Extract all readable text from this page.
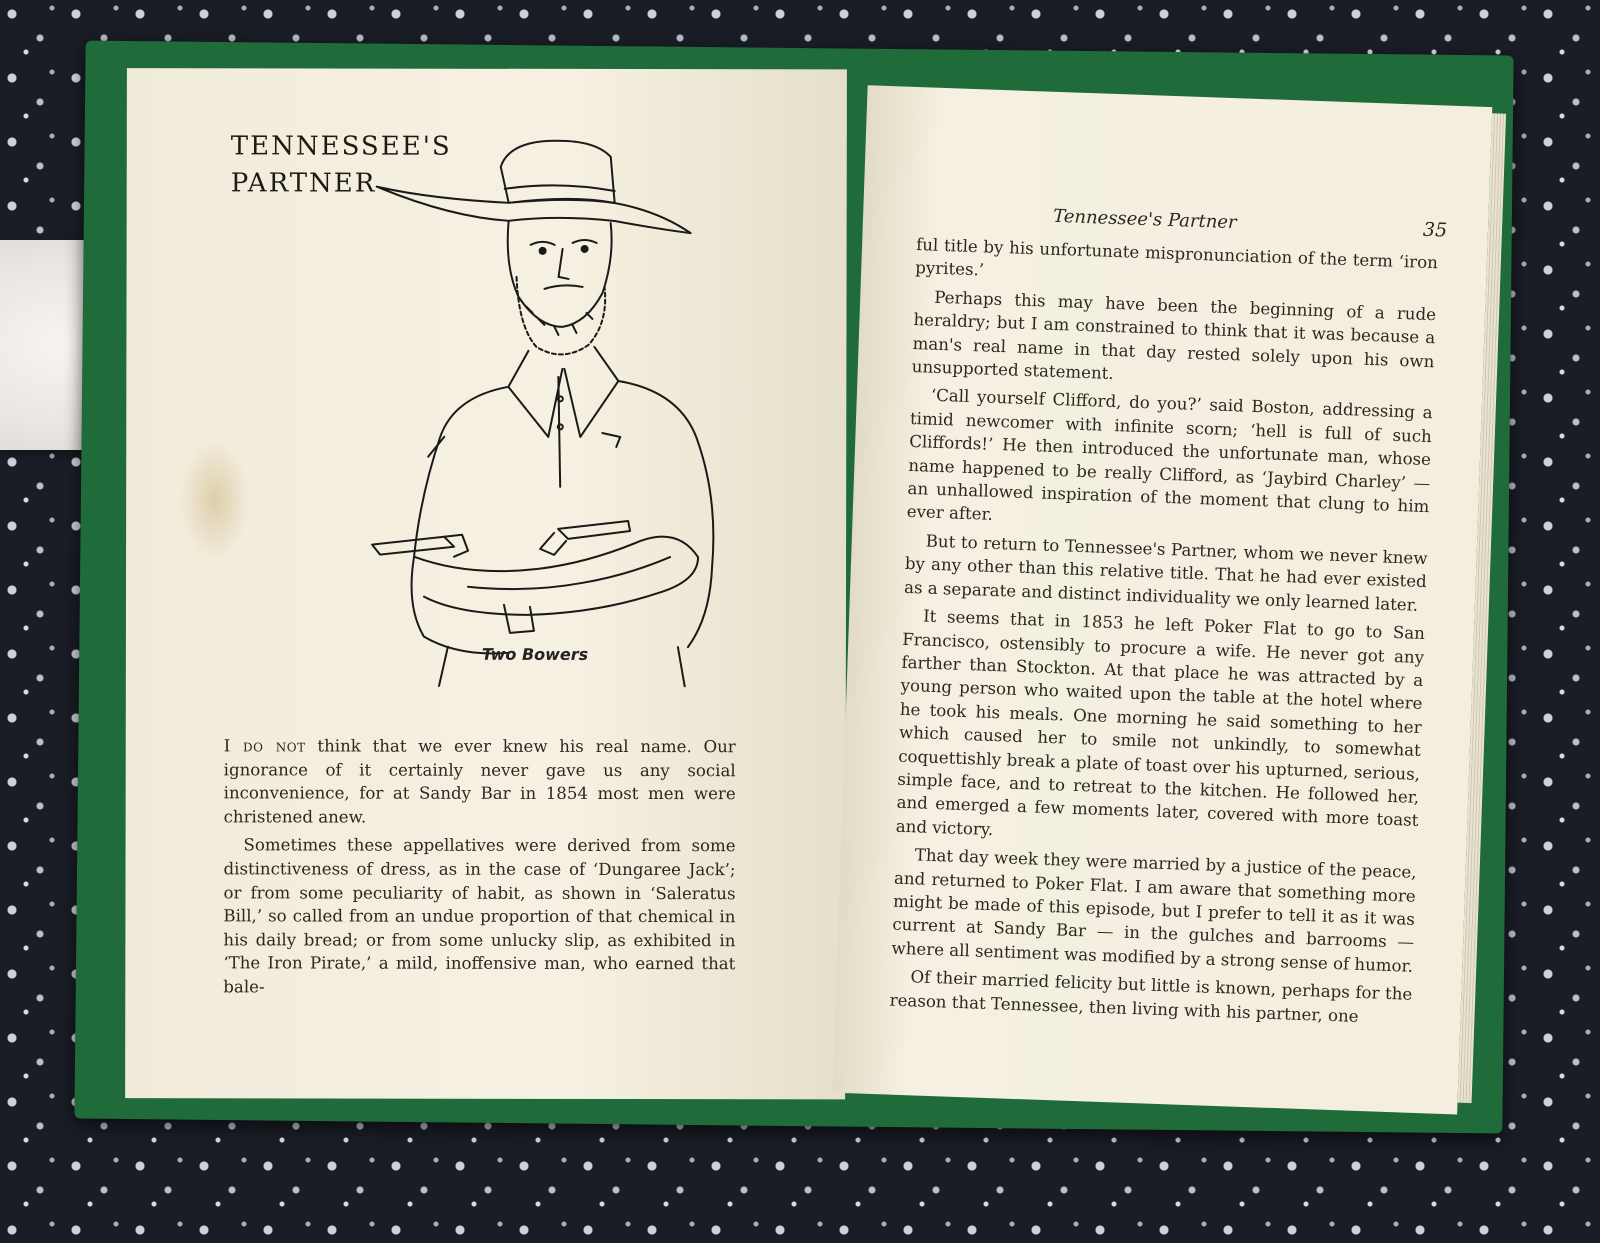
TENNESSEE'S
PARTNER
Two Bowers

I do not think that we ever knew his real name. Our ignorance of it certainly never gave us any social inconvenience, for at Sandy Bar in 1854 most men were christened anew.

Sometimes these appellatives were derived from some distinctiveness of dress, as in the case of ‘Dungaree Jack’; or from some peculiarity of habit, as shown in ‘Saleratus Bill,’ so called from an undue proportion of that chemical in his daily bread; or from some unlucky slip, as exhibited in ‘The Iron Pirate,’ a mild, inoffensive man, who earned that bale-

Tennessee's Partner	35

ful title by his unfortunate mispronunciation of the term ‘iron pyrites.’

Perhaps this may have been the beginning of a rude heraldry; but I am constrained to think that it was because a man's real name in that day rested solely upon his own unsupported statement.

‘Call yourself Clifford, do you?’ said Boston, addressing a timid newcomer with infinite scorn; ‘hell is full of such Cliffords!’ He then introduced the unfortunate man, whose name happened to be really Clifford, as ‘Jaybird Charley’ — an unhallowed inspiration of the moment that clung to him ever after.

But to return to Tennessee's Partner, whom we never knew by any other than this relative title. That he had ever existed as a separate and distinct individuality we only learned later.

It seems that in 1853 he left Poker Flat to go to San Francisco, ostensibly to procure a wife. He never got any farther than Stockton. At that place he was attracted by a young person who waited upon the table at the hotel where he took his meals. One morning he said something to her which caused her to smile not unkindly, to somewhat coquettishly break a plate of toast over his upturned, serious, simple face, and to retreat to the kitchen. He followed her, and emerged a few moments later, covered with more toast and victory.

That day week they were married by a justice of the peace, and returned to Poker Flat. I am aware that something more might be made of this episode, but I prefer to tell it as it was current at Sandy Bar — in the gulches and barrooms — where all sentiment was modified by a strong sense of humor.

Of their married felicity but little is known, perhaps for the reason that Tennessee, then living with his partner, one
